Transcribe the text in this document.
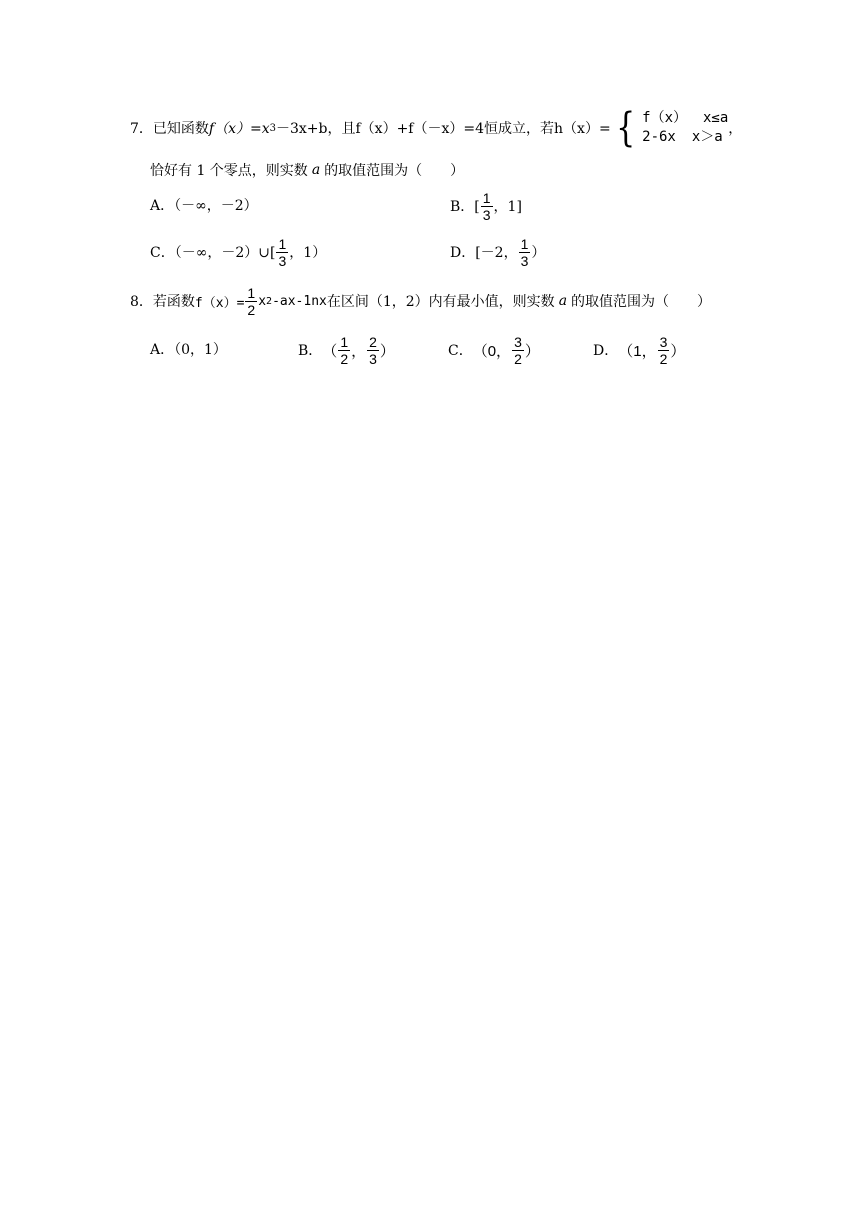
7． 已知函数 f（x）=x 3 －3x+b，且 f（x）+f（－x）=4 恒成立，若 h（x）= { f（x） x≤a
2-6x x＞a ，
恰好有 1 个零点，则实数 a 的取值范围为（　　）
A．（－∞，－2）	B．[ $\frac{1}{3}$ ，1]
C．（－∞，－2）∪[ $\frac{1}{3}$ ，1）	D．[－2， $\frac{1}{3}$ ）
8． 若函数 $f(x)= \frac{1}{2}$ x 2 -ax-1nx 在区间（1，2）内有最小值，则实数 a 的取值范围为（　　）
A．（0，1）	B． （ $\frac{1}{2}$ ， $\frac{2}{3}$ ）	C． （0， $\frac{3}{2}$ ）	D． （1， $\frac{3}{2}$ ）
